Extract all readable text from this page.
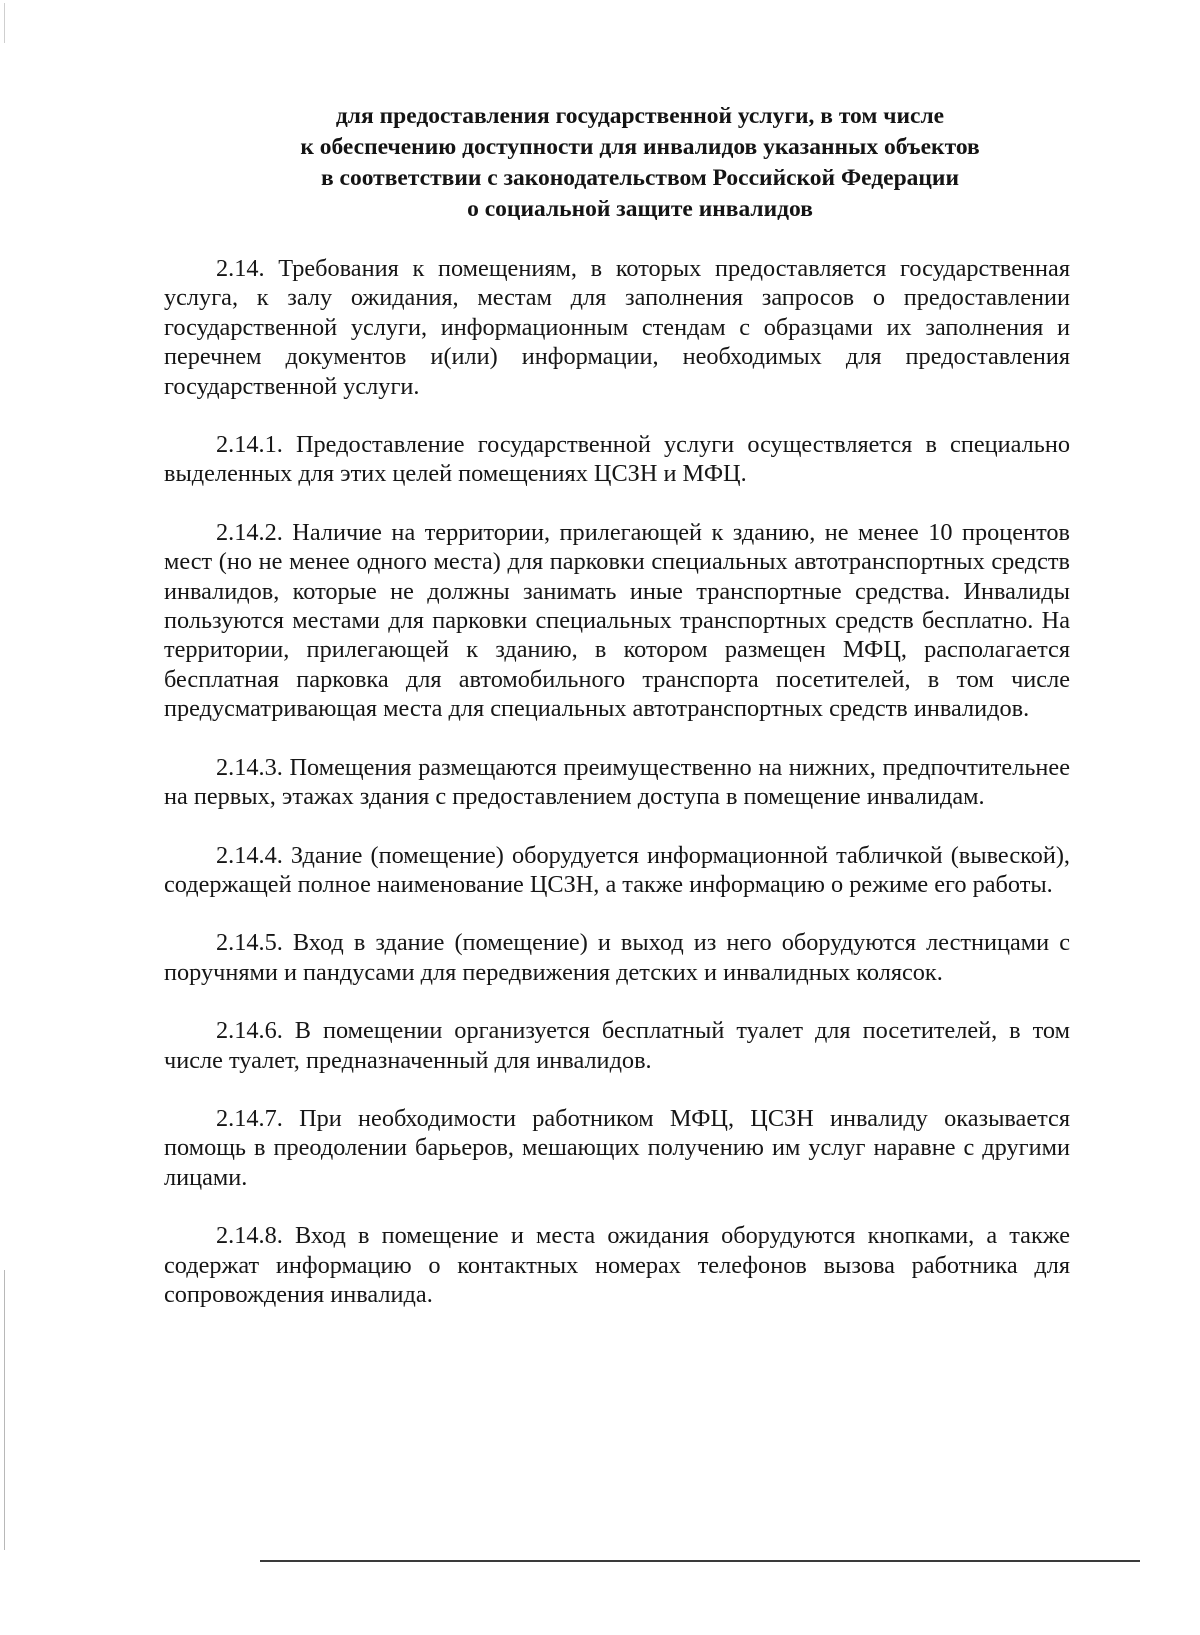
для предоставления государственной услуги, в том числе
к обеспечению доступности для инвалидов указанных объектов
в соответствии с законодательством Российской Федерации
о социальной защите инвалидов

2.14. Требования к помещениям, в которых предоставляется государственная услуга, к залу ожидания, местам для заполнения запросов о предоставлении государственной услуги, информационным стендам с образцами их заполнения и перечнем документов и(или) информации, необходимых для предоставления государственной услуги.

2.14.1. Предоставление государственной услуги осуществляется в специально выделенных для этих целей помещениях ЦСЗН и МФЦ.

2.14.2. Наличие на территории, прилегающей к зданию, не менее 10 процентов мест (но не менее одного места) для парковки специальных автотранспортных средств инвалидов, которые не должны занимать иные транспортные средства. Инвалиды пользуются местами для парковки специальных транспортных средств бесплатно. На территории, прилегающей к зданию, в котором размещен МФЦ, располагается бесплатная парковка для автомобильного транспорта посетителей, в том числе предусматривающая места для специальных автотранспортных средств инвалидов.

2.14.3. Помещения размещаются преимущественно на нижних, предпочтительнее на первых, этажах здания с предоставлением доступа в помещение инвалидам.

2.14.4. Здание (помещение) оборудуется информационной табличкой (вывеской), содержащей полное наименование ЦСЗН, а также информацию о режиме его работы.

2.14.5. Вход в здание (помещение) и выход из него оборудуются лестницами с поручнями и пандусами для передвижения детских и инвалидных колясок.

2.14.6. В помещении организуется бесплатный туалет для посетителей, в том числе туалет, предназначенный для инвалидов.

2.14.7. При необходимости работником МФЦ, ЦСЗН инвалиду оказывается помощь в преодолении барьеров, мешающих получению им услуг наравне с другими лицами.

2.14.8. Вход в помещение и места ожидания оборудуются кнопками, а также содержат информацию о контактных номерах телефонов вызова работника для сопровождения инвалида.
